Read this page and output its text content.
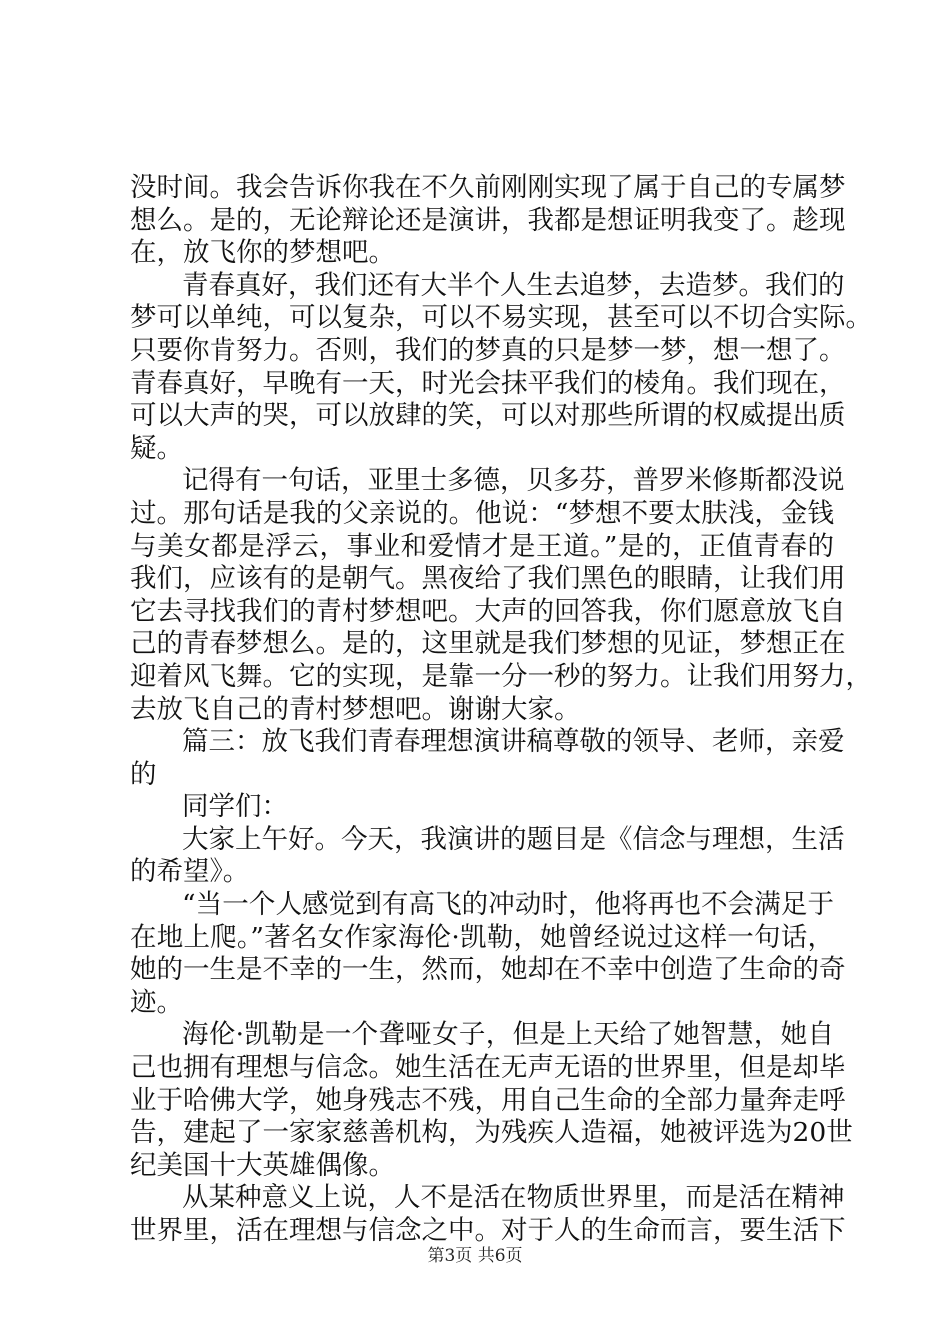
没时间。我会告诉你我在不久前刚刚实现了属于自己的专属梦
想么。是的，无论辩论还是演讲，我都是想证明我变了。趁现
在，放飞你的梦想吧。
青春真好，我们还有大半个人生去追梦，去造梦。我们的
梦可以单纯，可以复杂，可以不易实现，甚至可以不切合实际。
只要你肯努力。否则，我们的梦真的只是梦一梦，想一想了。
青春真好，早晚有一天，时光会抹平我们的棱角。我们现在，
可以大声的哭，可以放肆的笑，可以对那些所谓的权威提出质
疑。
记得有一句话，亚里士多德，贝多芬，普罗米修斯都没说
过。那句话是我的父亲说的。他说：“梦想不要太肤浅，金钱
与美女都是浮云，事业和爱情才是王道。”是的，正值青春的
我们，应该有的是朝气。黑夜给了我们黑色的眼睛，让我们用
它去寻找我们的青村梦想吧。大声的回答我，你们愿意放飞自
己的青春梦想么。是的，这里就是我们梦想的见证，梦想正在
迎着风飞舞。它的实现，是靠一分一秒的努力。让我们用努力，
去放飞自己的青村梦想吧。谢谢大家。
篇三：放飞我们青春理想演讲稿尊敬的领导、老师，亲爱
的
同学们：
大家上午好。今天，我演讲的题目是《信念与理想，生活
的希望》。
“当一个人感觉到有高飞的冲动时，他将再也不会满足于
在地上爬。”著名女作家海伦·凯勒，她曾经说过这样一句话，
她的一生是不幸的一生，然而，她却在不幸中创造了生命的奇
迹。
海伦·凯勒是一个聋哑女子，但是上天给了她智慧，她自
己也拥有理想与信念。她生活在无声无语的世界里，但是却毕
业于哈佛大学，她身残志不残，用自己生命的全部力量奔走呼
告，建起了一家家慈善机构，为残疾人造福，她被评选为20世
纪美国十大英雄偶像。
从某种意义上说，人不是活在物质世界里，而是活在精神
世界里，活在理想与信念之中。对于人的生命而言，要生活下
第3页 共6页
